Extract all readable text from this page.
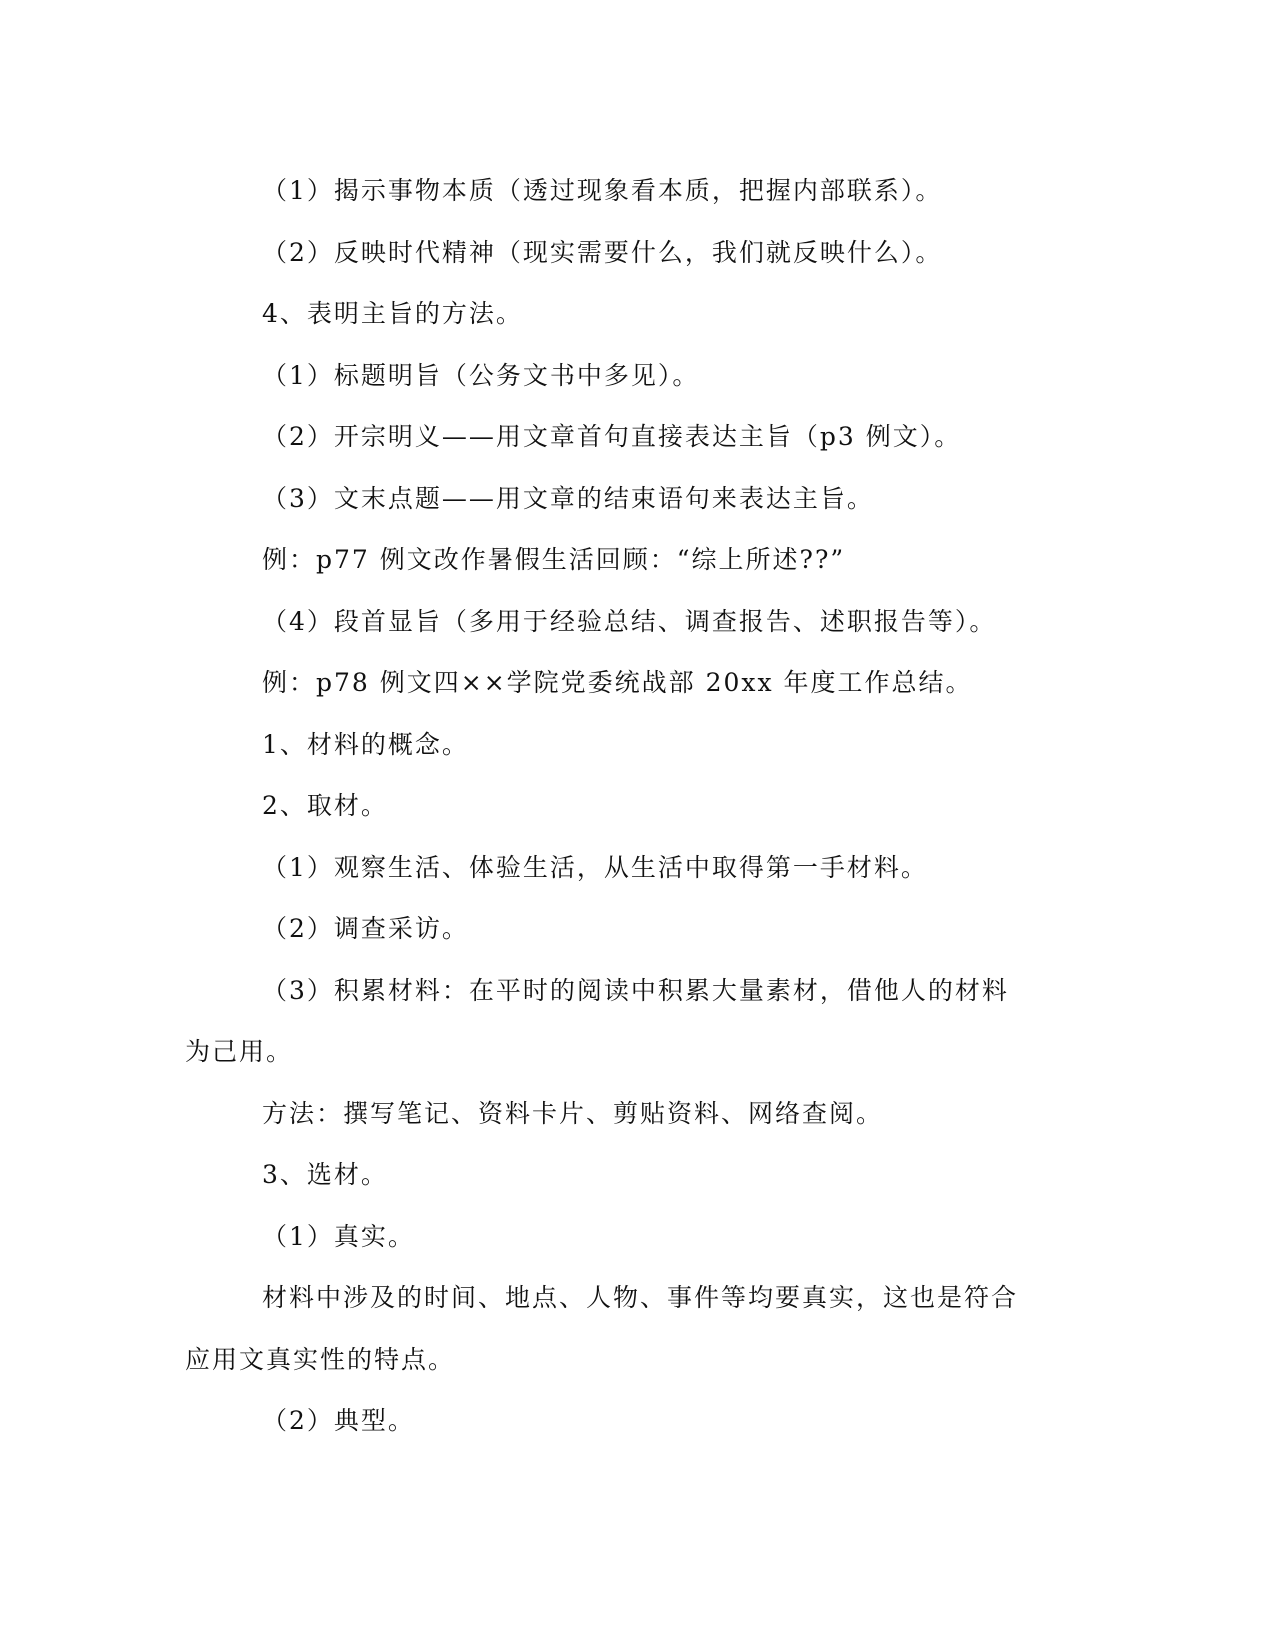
（1）揭示事物本质（透过现象看本质，把握内部联系）。
（2）反映时代精神（现实需要什么，我们就反映什么）。
4、表明主旨的方法。
（1）标题明旨（公务文书中多见）。
（2）开宗明义——用文章首句直接表达主旨（p3 例文）。
（3）文末点题——用文章的结束语句来表达主旨。
例：p77 例文改作暑假生活回顾：“综上所述??”
（4）段首显旨（多用于经验总结、调查报告、述职报告等）。
例：p78 例文四××学院党委统战部 20xx 年度工作总结。
1、材料的概念。
2、取材。
（1）观察生活、体验生活，从生活中取得第一手材料。
（2）调查采访。
（3）积累材料：在平时的阅读中积累大量素材，借他人的材料
为己用。
方法：撰写笔记、资料卡片、剪贴资料、网络查阅。
3、选材。
（1）真实。
材料中涉及的时间、地点、人物、事件等均要真实，这也是符合
应用文真实性的特点。
（2）典型。
